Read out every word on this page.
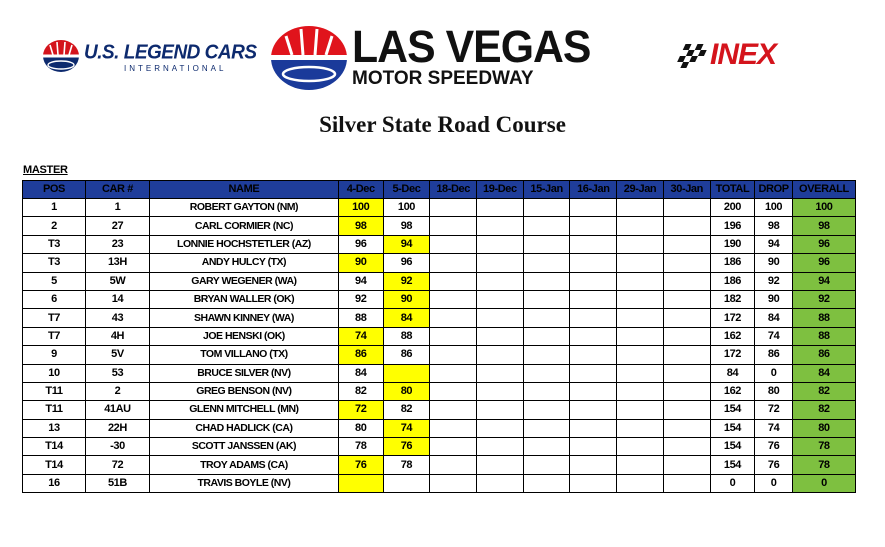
U.S. LEGEND CARS
INTERNATIONAL	LAS VEGAS
MOTOR SPEEDWAY
INEX
Silver State Road Course
MASTER
POS	CAR #	NAME	4-Dec	5-Dec	18-Dec	19-Dec	15-Jan	16-Jan	29-Jan	30-Jan	TOTAL	DROP	OVERALL
1	1	ROBERT GAYTON (NM)	100	100							200	100	100
2	27	CARL CORMIER (NC)	98	98							196	98	98
T3	23	LONNIE HOCHSTETLER (AZ)	96	94							190	94	96
T3	13H	ANDY HULCY (TX)	90	96							186	90	96
5	5W	GARY WEGENER (WA)	94	92							186	92	94
6	14	BRYAN WALLER (OK)	92	90							182	90	92
T7	43	SHAWN KINNEY (WA)	88	84							172	84	88
T7	4H	JOE HENSKI (OK)	74	88							162	74	88
9	5V	TOM VILLANO (TX)	86	86							172	86	86
10	53	BRUCE SILVER (NV)	84								84	0	84
T11	2	GREG BENSON (NV)	82	80							162	80	82
T11	41AU	GLENN MITCHELL (MN)	72	82							154	72	82
13	22H	CHAD HADLICK (CA)	80	74							154	74	80
T14	-30	SCOTT JANSSEN (AK)	78	76							154	76	78
T14	72	TROY ADAMS (CA)	76	78							154	76	78
16	51B	TRAVIS BOYLE (NV)									0	0	0
